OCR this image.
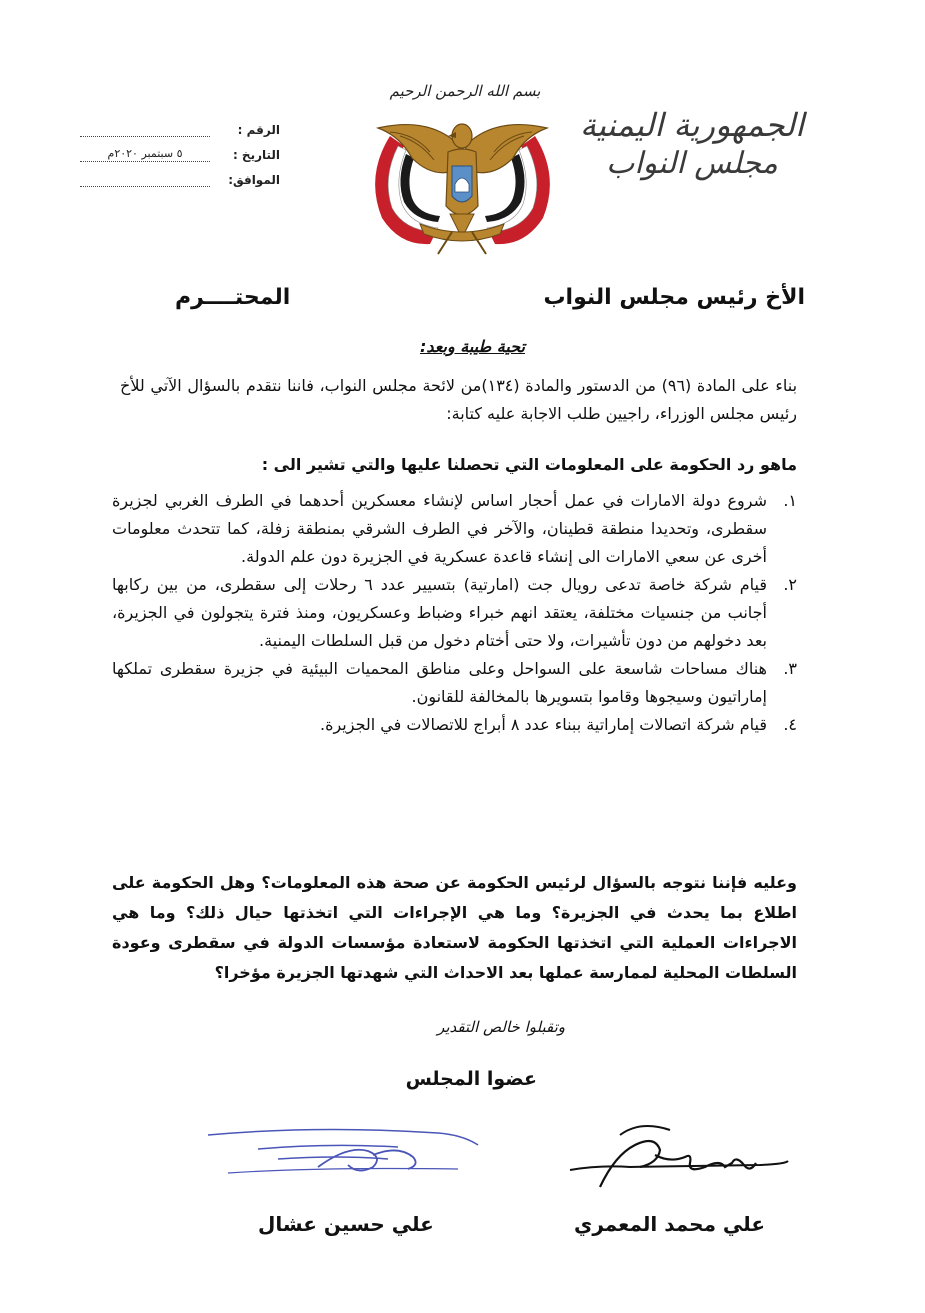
الجمهورية اليمنية
مجلس النواب
بسم الله الرحمن الرحيم
الرقم :
التاريخ :
٥ سبتمبر ٢٠٢٠م
الموافق:
الأخ رئيس مجلس النواب
المحتــــرم
تحية طيبة وبعد:
بناء على المادة (٩٦) من الدستور والمادة (١٣٤)من لائحة مجلس النواب، فاننا نتقدم بالسؤال الآتي للأخ رئيس مجلس الوزراء، راجيين طلب الاجابة عليه كتابة:
ماهو رد الحكومة على المعلومات التي تحصلنا عليها والتي تشير الى :
١.
شروع دولة الامارات في عمل أحجار اساس لإنشاء معسكرين أحدهما في الطرف الغربي لجزيرة سقطرى، وتحديدا منطقة قطينان، والآخر في الطرف الشرقي بمنطقة زفلة، كما تتحدث معلومات أخرى عن سعي الامارات الى إنشاء قاعدة عسكرية في الجزيرة دون علم الدولة.
٢.
قيام شركة خاصة تدعى رويال جت (امارتية) بتسيير عدد ٦ رحلات إلى سقطرى، من بين ركابها أجانب من جنسيات مختلفة، يعتقد انهم خبراء وضباط وعسكريون، ومنذ فترة يتجولون في الجزيرة، بعد دخولهم من دون تأشيرات، ولا حتى أختام دخول من قبل السلطات اليمنية.
٣.
هناك مساحات شاسعة على السواحل وعلى مناطق المحميات البيئية في جزيرة سقطرى تملكها إماراتيون وسيجوها وقاموا بتسويرها بالمخالفة للقانون.
٤.
قيام شركة اتصالات إماراتية ببناء عدد ٨ أبراج للاتصالات في الجزيرة.
وعليه فإننا نتوجه بالسؤال لرئيس الحكومة عن صحة هذه المعلومات؟ وهل الحكومة على اطلاع بما يحدث في الجزيرة؟ وما هي الإجراءات التي اتخذتها حيال ذلك؟ وما هي الاجراءات العملية التي اتخذتها الحكومة لاستعادة مؤسسات الدولة في سقطرى وعودة السلطات المحلية لممارسة عملها بعد الاحداث التي شهدتها الجزيرة مؤخرا؟
وتقبلوا خالص التقدير
عضوا المجلس
علي محمد المعمري
علي حسين عشال
